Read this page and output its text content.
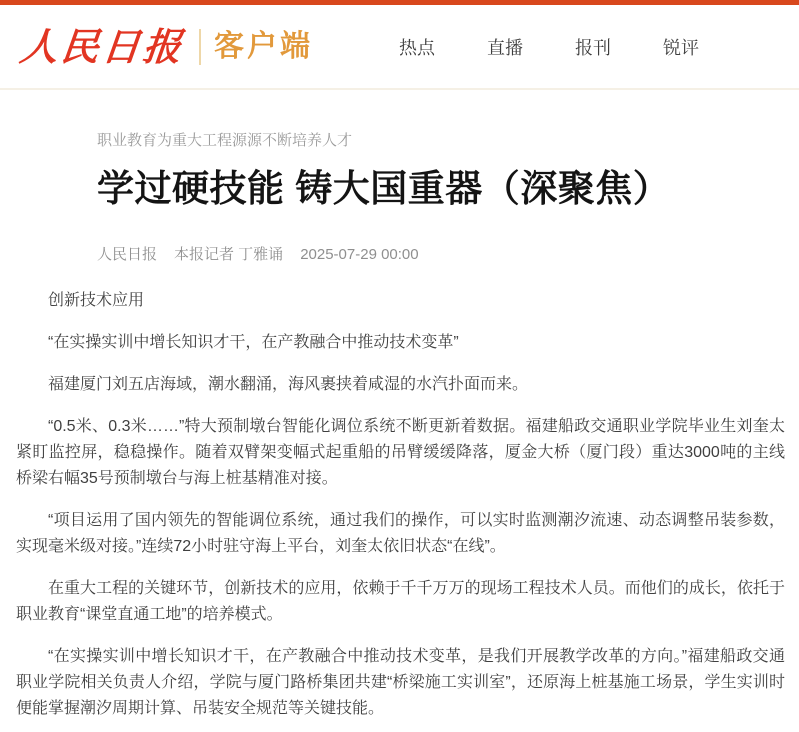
人民日报 客户端	热点	直播	报刊	锐评

职业教育为重大工程源源不断培养人才

学过硬技能 铸大国重器（深聚焦）
人民日报 本报记者 丁雅诵 2025-07-29 00:00

创新技术应用

“在实操实训中增长知识才干，在产教融合中推动技术变革”

福建厦门刘五店海域，潮水翻涌，海风裹挟着咸湿的水汽扑面而来。

“0.5米、0.3米……”特大预制墩台智能化调位系统不断更新着数据。福建船政交通职业学院毕业生刘奎太紧盯监控屏，稳稳操作。随着双臂架变幅式起重船的吊臂缓缓降落，厦金大桥（厦门段）重达3000吨的主线桥梁右幅35号预制墩台与海上桩基精准对接。

“项目运用了国内领先的智能调位系统，通过我们的操作，可以实时监测潮汐流速、动态调整吊装参数，实现毫米级对接。”连续72小时驻守海上平台，刘奎太依旧状态“在线”。

在重大工程的关键环节，创新技术的应用，依赖于千千万万的现场工程技术人员。而他们的成长，依托于职业教育“课堂直通工地”的培养模式。

“在实操实训中增长知识才干，在产教融合中推动技术变革，是我们开展教学改革的方向。”福建船政交通职业学院相关负责人介绍，学院与厦门路桥集团共建“桥梁施工实训室”，还原海上桩基施工场景，学生实训时便能掌握潮汐周期计算、吊装安全规范等关键技能。
